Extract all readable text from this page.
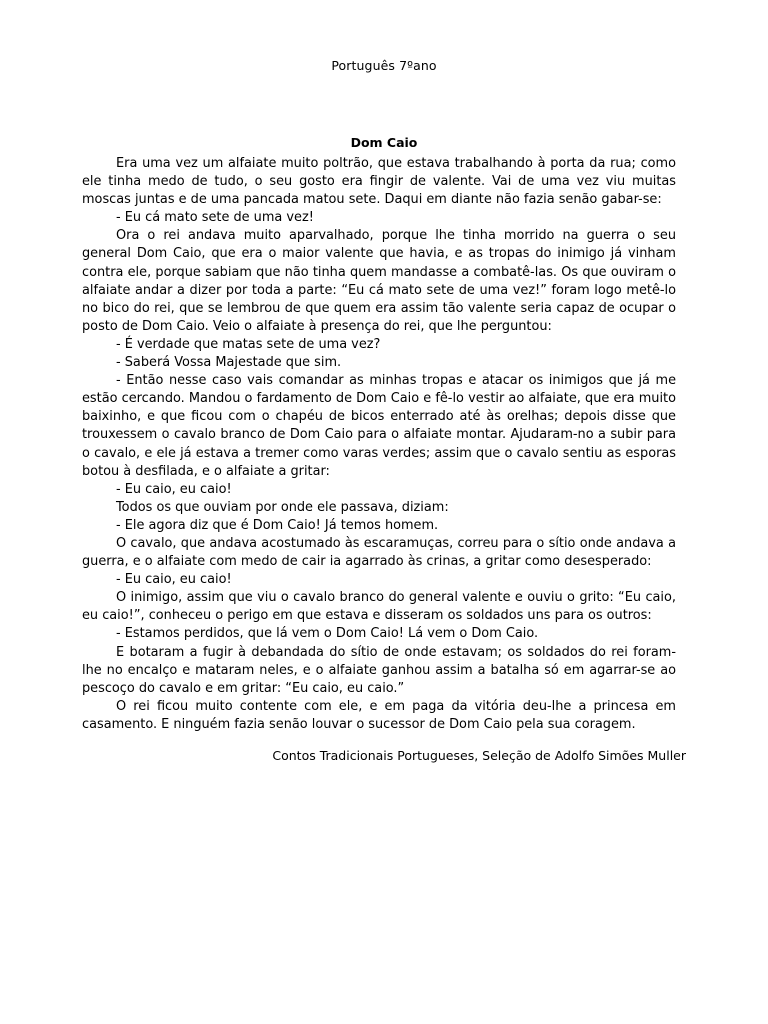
Português 7ºano
Dom Caio

Era uma vez um alfaiate muito poltrão, que estava trabalhando à porta da rua; como ele tinha medo de tudo, o seu gosto era fingir de valente. Vai de uma vez viu muitas moscas juntas e de uma pancada matou sete. Daqui em diante não fazia senão gabar-se:

- Eu cá mato sete de uma vez!

Ora o rei andava muito aparvalhado, porque lhe tinha morrido na guerra o seu general Dom Caio, que era o maior valente que havia, e as tropas do inimigo já vinham contra ele, porque sabiam que não tinha quem mandasse a combatê-las. Os que ouviram o alfaiate andar a dizer por toda a parte: “Eu cá mato sete de uma vez!” foram logo metê-lo no bico do rei, que se lembrou de que quem era assim tão valente seria capaz de ocupar o posto de Dom Caio. Veio o alfaiate à presença do rei, que lhe perguntou:

- É verdade que matas sete de uma vez?

- Saberá Vossa Majestade que sim.

- Então nesse caso vais comandar as minhas tropas e atacar os inimigos que já me estão cercando. Mandou o fardamento de Dom Caio e fê-lo vestir ao alfaiate, que era muito baixinho, e que ficou com o chapéu de bicos enterrado até às orelhas; depois disse que trouxessem o cavalo branco de Dom Caio para o alfaiate montar. Ajudaram-no a subir para o cavalo, e ele já estava a tremer como varas verdes; assim que o cavalo sentiu as esporas botou à desfilada, e o alfaiate a gritar:

- Eu caio, eu caio!

Todos os que ouviam por onde ele passava, diziam:

- Ele agora diz que é Dom Caio! Já temos homem.

O cavalo, que andava acostumado às escaramuças, correu para o sítio onde andava a guerra, e o alfaiate com medo de cair ia agarrado às crinas, a gritar como desesperado:

- Eu caio, eu caio!

O inimigo, assim que viu o cavalo branco do general valente e ouviu o grito: “Eu caio, eu caio!”, conheceu o perigo em que estava e disseram os soldados uns para os outros:

- Estamos perdidos, que lá vem o Dom Caio! Lá vem o Dom Caio.

E botaram a fugir à debandada do sítio de onde estavam; os soldados do rei foram-lhe no encalço e mataram neles, e o alfaiate ganhou assim a batalha só em agarrar-se ao pescoço do cavalo e em gritar: “Eu caio, eu caio.”

O rei ficou muito contente com ele, e em paga da vitória deu-lhe a princesa em casamento. E ninguém fazia senão louvar o sucessor de Dom Caio pela sua coragem.

Contos Tradicionais Portugueses, Seleção de Adolfo Simões Muller
